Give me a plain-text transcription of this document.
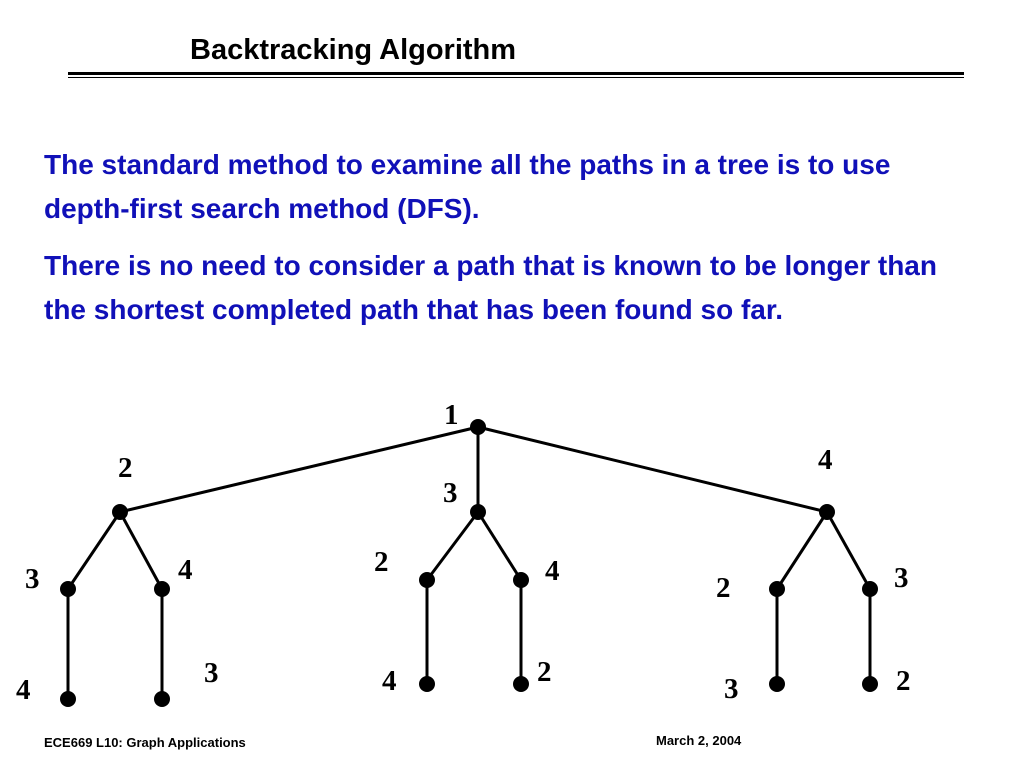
Backtracking Algorithm

The standard method to examine all the paths in a tree is to use depth-first search method (DFS).

There is no need to consider a path that is known to be longer than the shortest completed path that has been found so far.

1
2
3
4
3	4
4
3
2	4
4	2
2	3
3	2
ECE669 L10: Graph Applications	March 2, 2004
